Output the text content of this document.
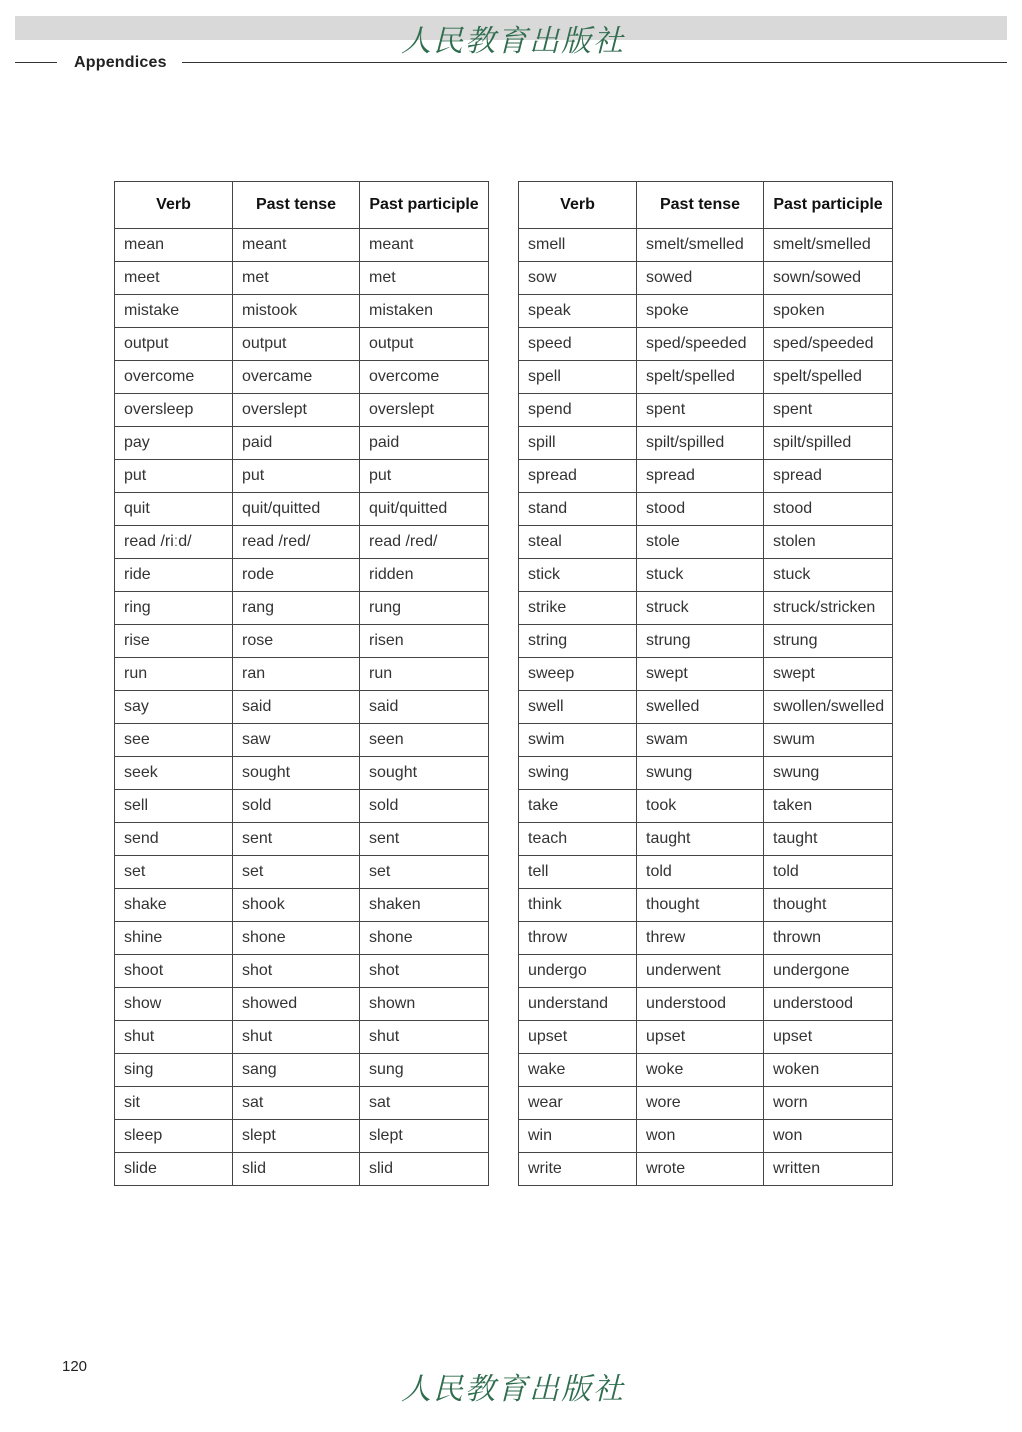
Appendices
人民教育出版社
Verb	Past tense	Past participle
mean	meant	meant
meet	met	met
mistake	mistook	mistaken
output	output	output
overcome	overcame	overcome
oversleep	overslept	overslept
pay	paid	paid
put	put	put
quit	quit/quitted	quit/quitted
read /riːd/	read /red/	read /red/
ride	rode	ridden
ring	rang	rung
rise	rose	risen
run	ran	run
say	said	said
see	saw	seen
seek	sought	sought
sell	sold	sold
send	sent	sent
set	set	set
shake	shook	shaken
shine	shone	shone
shoot	shot	shot
show	showed	shown
shut	shut	shut
sing	sang	sung
sit	sat	sat
sleep	slept	slept
slide	slid	slid
Verb	Past tense	Past participle
smell	smelt/smelled	smelt/smelled
sow	sowed	sown/sowed
speak	spoke	spoken
speed	sped/speeded	sped/speeded
spell	spelt/spelled	spelt/spelled
spend	spent	spent
spill	spilt/spilled	spilt/spilled
spread	spread	spread
stand	stood	stood
steal	stole	stolen
stick	stuck	stuck
strike	struck	struck/stricken
string	strung	strung
sweep	swept	swept
swell	swelled	swollen/swelled
swim	swam	swum
swing	swung	swung
take	took	taken
teach	taught	taught
tell	told	told
think	thought	thought
throw	threw	thrown
undergo	underwent	undergone
understand	understood	understood
upset	upset	upset
wake	woke	woken
wear	wore	worn
win	won	won
write	wrote	written
120
人民教育出版社
